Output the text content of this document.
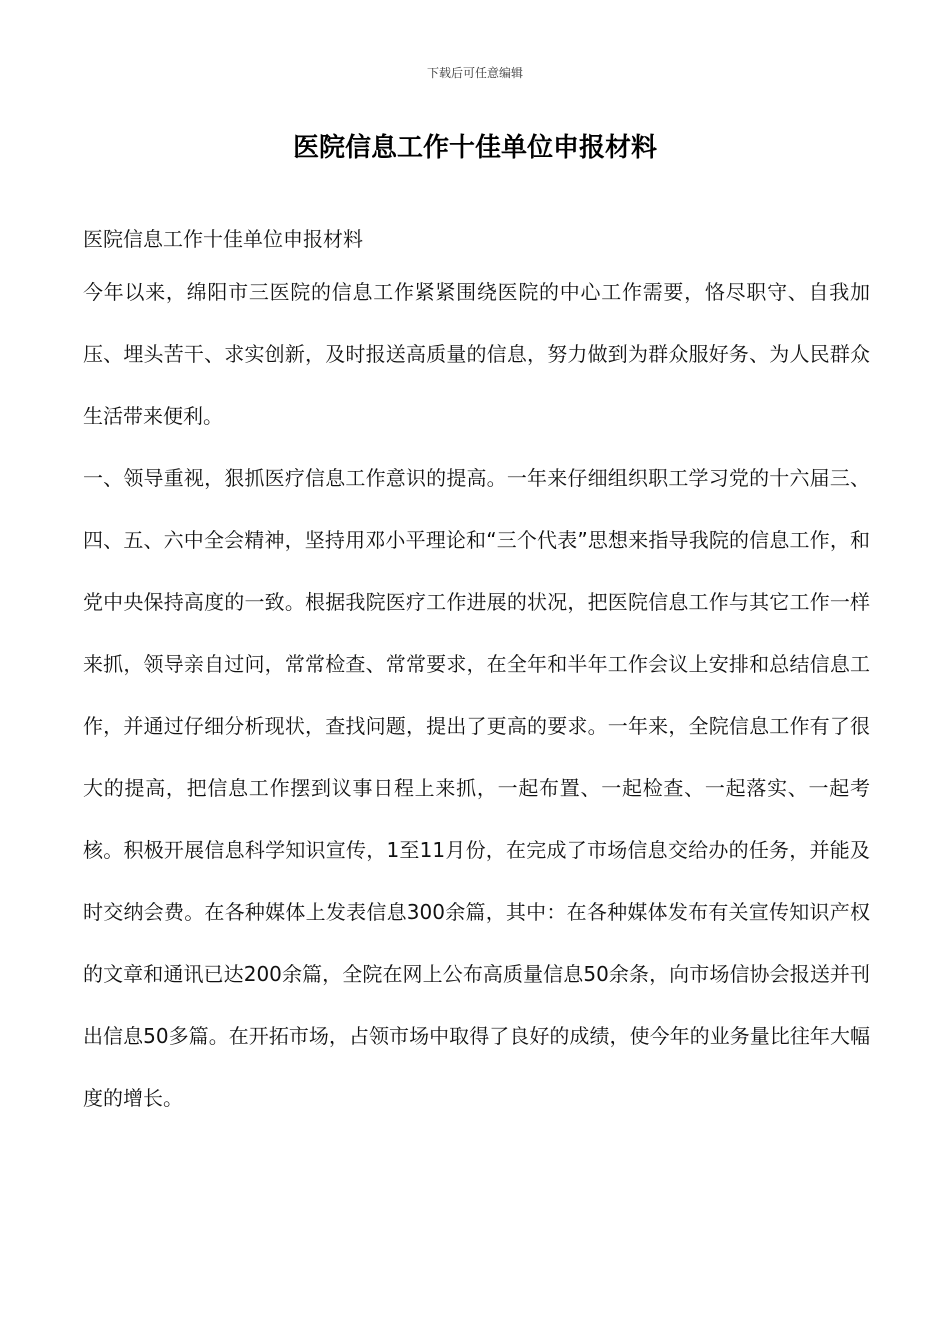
下载后可任意编辑
医院信息工作十佳单位申报材料

医院信息工作十佳单位申报材料

今年以来，绵阳市三医院的信息工作紧紧围绕医院的中心工作需要，恪尽职守、自我加压、埋头苦干、求实创新，及时报送高质量的信息，努力做到为群众服好务、为人民群众生活带来便利。

一、领导重视，狠抓医疗信息工作意识的提高。一年来仔细组织职工学习党的十六届三、四、五、六中全会精神，坚持用邓小平理论和“三个代表”思想来指导我院的信息工作，和党中央保持高度的一致。根据我院医疗工作进展的状况，把医院信息工作与其它工作一样来抓，领导亲自过问，常常检查、常常要求，在全年和半年工作会议上安排和总结信息工作，并通过仔细分析现状，查找问题，提出了更高的要求。一年来，全院信息工作有了很大的提高，把信息工作摆到议事日程上来抓，一起布置、一起检查、一起落实、一起考核。积极开展信息科学知识宣传，1至11月份，在完成了市场信息交给办的任务，并能及时交纳会费。在各种媒体上发表信息300余篇，其中：在各种媒体发布有关宣传知识产权的文章和通讯已达200余篇，全院在网上公布高质量信息50余条，向市场信协会报送并刊出信息50多篇。在开拓市场，占领市场中取得了良好的成绩，使今年的业务量比往年大幅度的增长。
